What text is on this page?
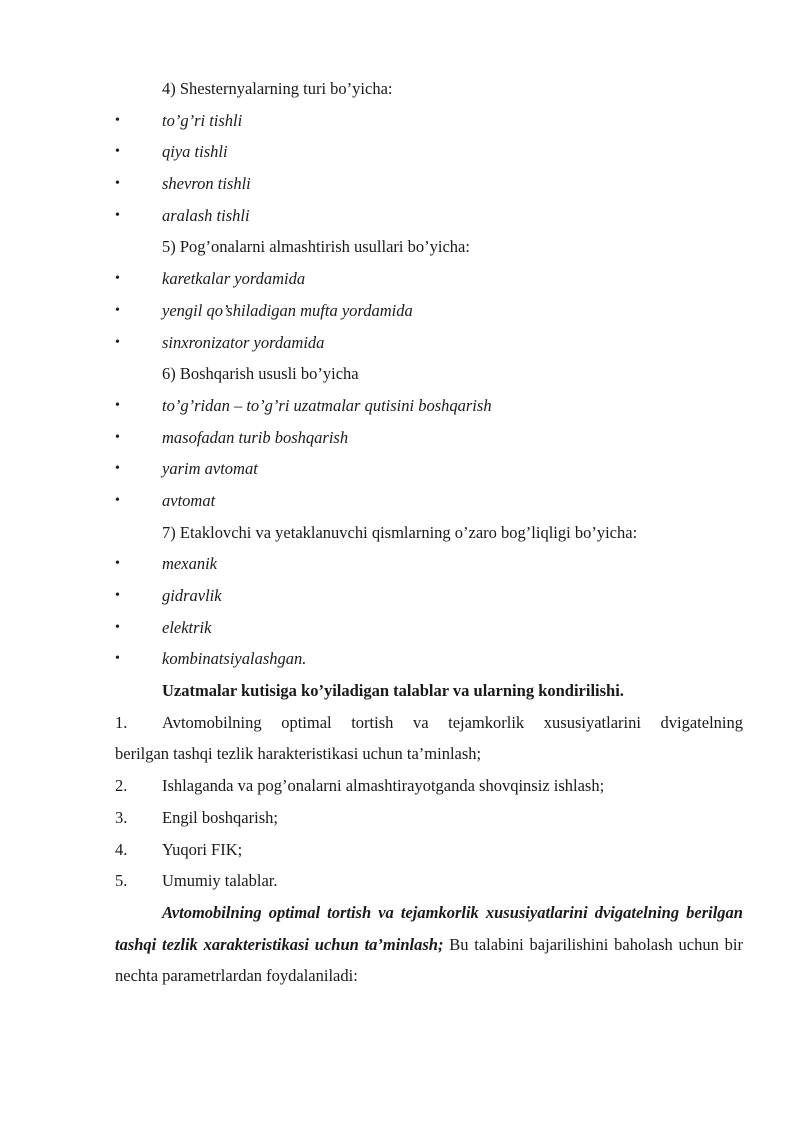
4) Shesternyalarning turi bo’yicha:
•	to’g’ri tishli
•	qiya tishli
•	shevron tishli
•	aralash tishli
5) Pog’onalarni almashtirish usullari bo’yicha:
•	karetkalar yordamida
•	yengil qo’shiladigan mufta yordamida
•	sinxronizator yordamida
6) Boshqarish ususli bo’yicha
•	to’g’ridan – to’g’ri uzatmalar qutisini boshqarish
•	masofadan turib boshqarish
•	yarim avtomat
•	avtomat
7) Etaklovchi va yetaklanuvchi qismlarning o’zaro bog’liqligi bo’yicha:
•	mexanik
•	gidravlik
•	elektrik
•	kombinatsiyalashgan.
Uzatmalar kutisiga ko’yiladigan talablar va ularning kondirilishi.
1.	Avtomobilning optimal tortish va tejamkorlik xususiyatlarini dvigatelning
berilgan tashqi tezlik harakteristikasi uchun ta’minlash;
2. Ishlaganda va pog’onalarni almashtirayotganda shovqinsiz ishlash;
3. Engil boshqarish;
4. Yuqori FIK;
5. Umumiy talablar.
Avtomobilning optimal tortish va tejamkorlik xususiyatlarini dvigatelning berilgan tashqi tezlik xarakteristikasi uchun ta’minlash; Bu talabini bajarilishini baholash uchun bir nechta parametrlardan foydalaniladi:
